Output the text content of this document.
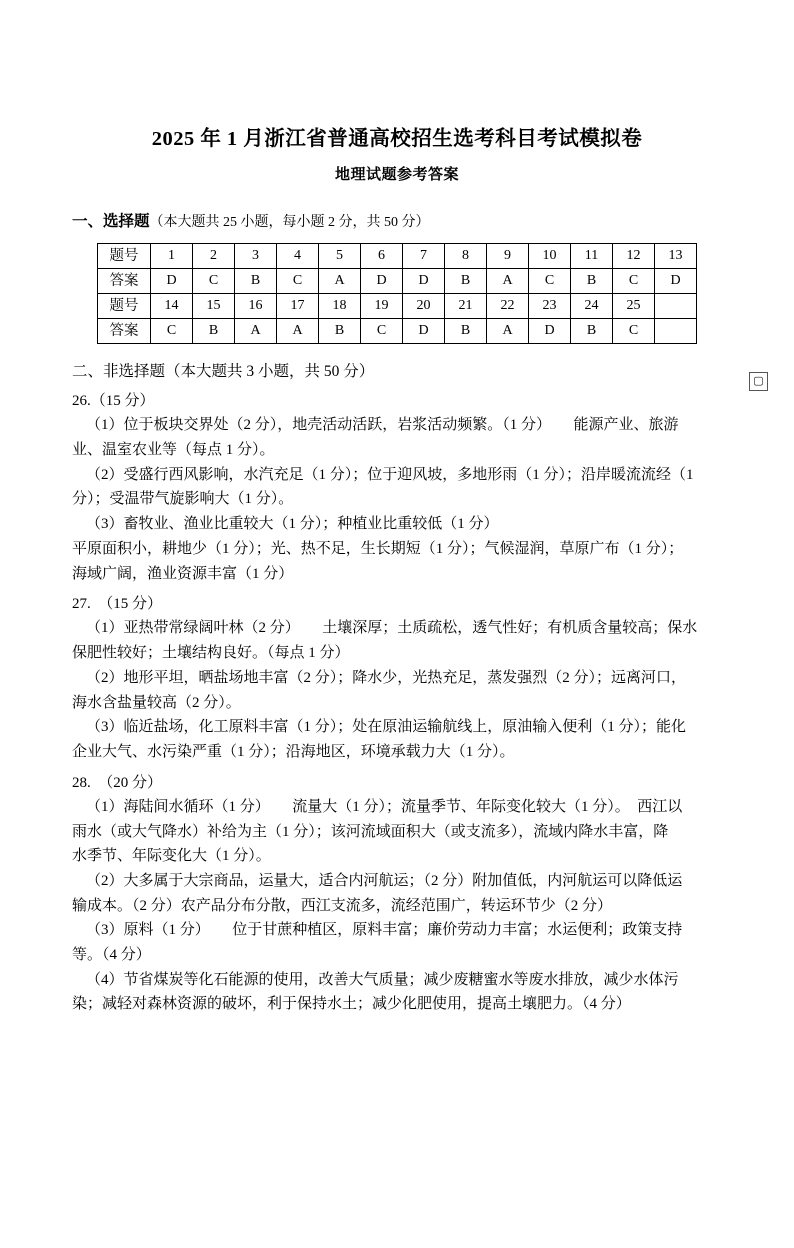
2025 年 1 月浙江省普通高校招生选考科目考试模拟卷
地理试题参考答案
一、选择题（本大题共 25 小题，每小题 2 分，共 50 分）
题号	1	2	3	4	5	6	7	8	9	10	11	12	13
答案	D	C	B	C	A	D	D	B	A	C	B	C	D
题号	14	15	16	17	18	19	20	21	22	23	24	25	
答案	C	B	A	A	B	C	D	B	A	D	B	C	
二、非选择题（本大题共 3 小题，共 50 分）
26.（15 分）
（1）位于板块交界处（2 分），地壳活动活跃，岩浆活动频繁。（1 分）　　能源产业、旅游
业、温室农业等（每点 1 分）。
（2）受盛行西风影响，水汽充足（1 分）；位于迎风坡，多地形雨（1 分）；沿岸暖流流经（1
分）；受温带气旋影响大（1 分）。
（3）畜牧业、渔业比重较大（1 分）；种植业比重较低（1 分）
平原面积小，耕地少（1 分）；光、热不足，生长期短（1 分）；气候湿润，草原广布（1 分）；
海域广阔，渔业资源丰富（1 分）
27.　（15 分）
（1）亚热带常绿阔叶林（2 分）　　土壤深厚；土质疏松，透气性好；有机质含量较高；保水
保肥性较好；土壤结构良好。（每点 1 分）
（2）地形平坦，晒盐场地丰富（2 分）；降水少，光热充足，蒸发强烈（2 分）；远离河口，
海水含盐量较高（2 分）。
（3）临近盐场，化工原料丰富（1 分）；处在原油运输航线上，原油输入便利（1 分）；能化
企业大气、水污染严重（1 分）；沿海地区，环境承载力大（1 分）。
28.　（20 分）
（1）海陆间水循环（1 分）　　流量大（1 分）；流量季节、年际变化较大（1 分）。　西江以
雨水（或大气降水）补给为主（1 分）；该河流域面积大（或支流多），流域内降水丰富，降
水季节、年际变化大（1 分）。
（2）大多属于大宗商品，运量大，适合内河航运；（2 分）附加值低，内河航运可以降低运
输成本。（2 分）农产品分布分散，西江支流多，流经范围广，转运环节少（2 分）
（3）原料（1 分）　　位于甘蔗种植区，原料丰富；廉价劳动力丰富；水运便利；政策支持
等。（4 分）
（4）节省煤炭等化石能源的使用，改善大气质量；减少废糖蜜水等废水排放，减少水体污
染；减轻对森林资源的破坏，利于保持水土；减少化肥使用，提高土壤肥力。（4 分）
▢
